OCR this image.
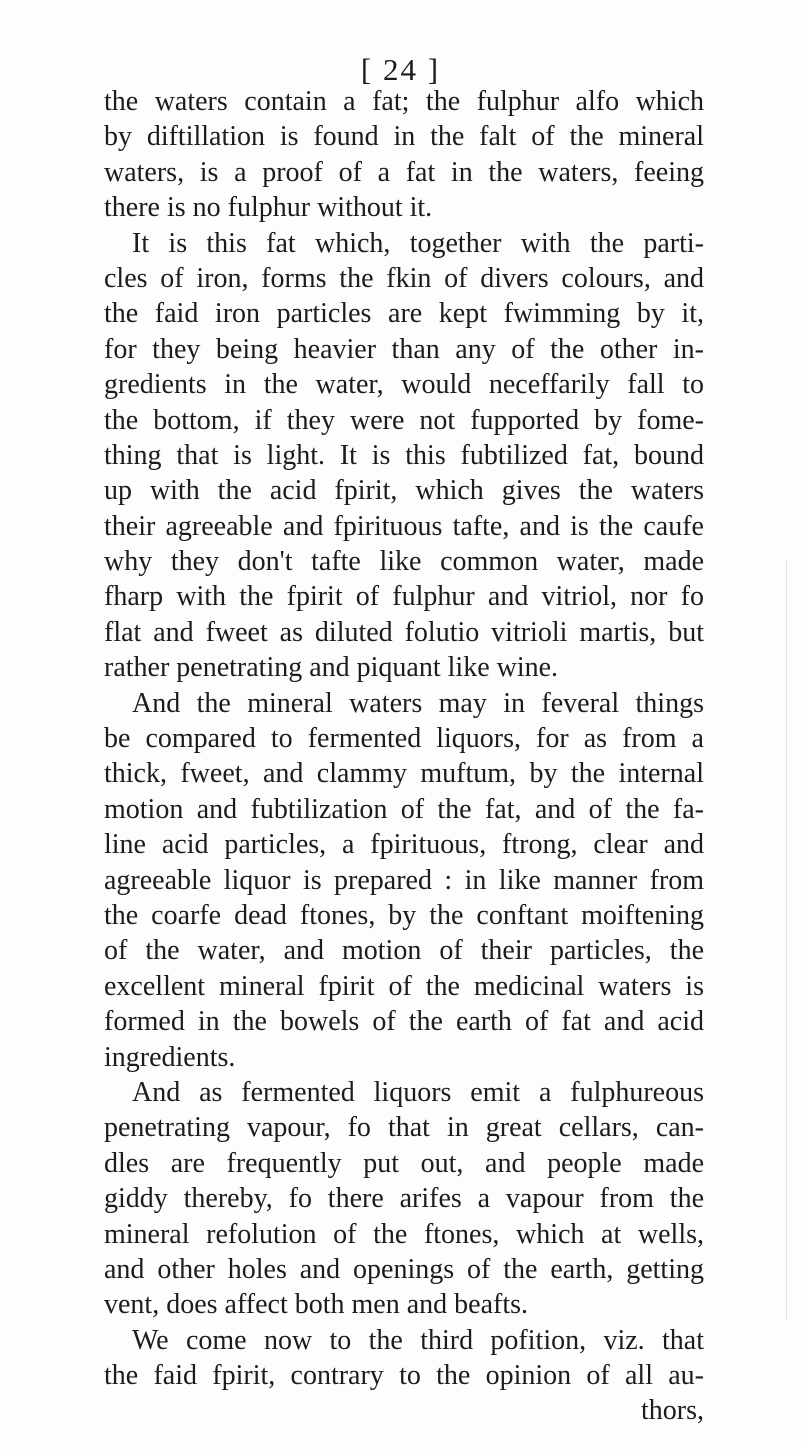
[ 24 ]
the waters contain a fat; the fulphur alfo which
by diftillation is found in the falt of the mineral
waters, is a proof of a fat in the waters, feeing
there is no fulphur without it.
It is this fat which, together with the parti-
cles of iron, forms the fkin of divers colours, and
the faid iron particles are kept fwimming by it,
for they being heavier than any of the other in-
gredients in the water, would neceffarily fall to
the bottom, if they were not fupported by fome-
thing that is light. It is this fubtilized fat, bound
up with the acid fpirit, which gives the waters
their agreeable and fpirituous tafte, and is the caufe
why they don't tafte like common water, made
fharp with the fpirit of fulphur and vitriol, nor fo
flat and fweet as diluted folutio vitrioli martis, but
rather penetrating and piquant like wine.
And the mineral waters may in feveral things
be compared to fermented liquors, for as from a
thick, fweet, and clammy muftum, by the internal
motion and fubtilization of the fat, and of the fa-
line acid particles, a fpirituous, ftrong, clear and
agreeable liquor is prepared : in like manner from
the coarfe dead ftones, by the conftant moiftening
of the water, and motion of their particles, the
excellent mineral fpirit of the medicinal waters is
formed in the bowels of the earth of fat and acid
ingredients.
And as fermented liquors emit a fulphureous
penetrating vapour, fo that in great cellars, can-
dles are frequently put out, and people made
giddy thereby, fo there arifes a vapour from the
mineral refolution of the ftones, which at wells,
and other holes and openings of the earth, getting
vent, does affect both men and beafts.
We come now to the third pofition, viz. that
the faid fpirit, contrary to the opinion of all au-
thors,
